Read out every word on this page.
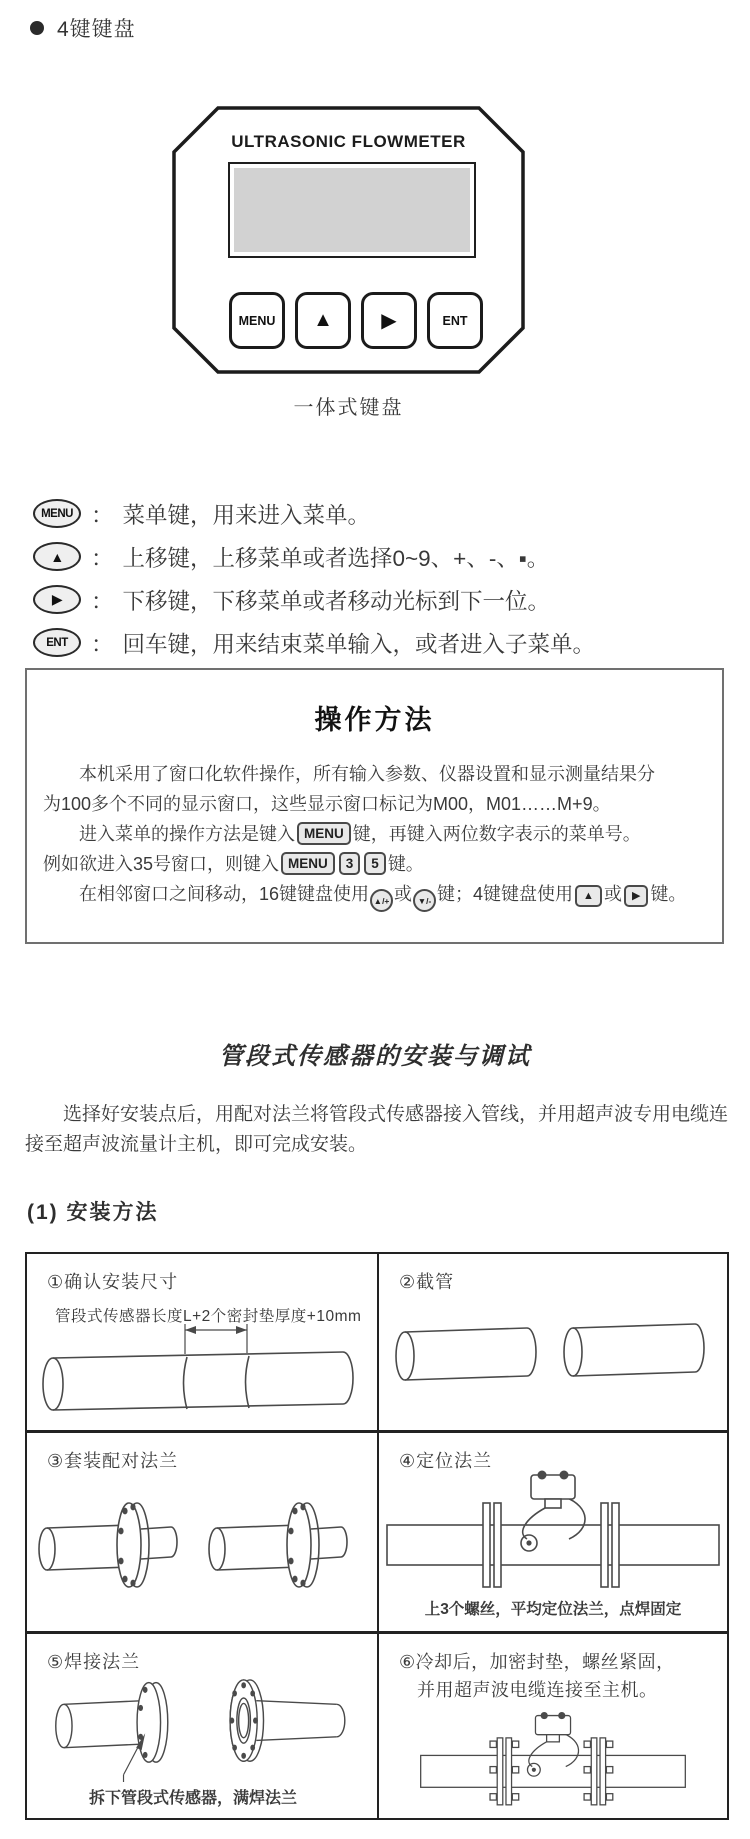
4键键盘
ULTRASONIC FLOWMETER
MENU	▲	▶	ENT
一体式键盘
MENU ： 菜单键，用来进入菜单。
▲	： 上移键，上移菜单或者选择0~9、+、-、▪。
▶	： 下移键，下移菜单或者移动光标到下一位。
ENT	： 回车键，用来结束菜单输入，或者进入子菜单。
操作方法
本机采用了窗口化软件操作，所有输入参数、仪器设置和显示测量结果分
为100多个不同的显示窗口，这些显示窗口标记为M00，M01……M+9。
进入菜单的操作方法是键入 MENU 键，再键入两位数字表示的菜单号。
例如欲进入35号窗口，则键入 MENU 3 5 键。
在相邻窗口之间移动，16键键盘使用 ▲/+ 或 ▼/- 键；4键键盘使用 ▲ 或 ▶ 键。
管段式传感器的安装与调试
选择好安装点后，用配对法兰将管段式传感器接入管线，并用超声波专用电缆连接至超声波流量计主机，即可完成安装。
(1) 安装方法
①确认安装尺寸
管段式传感器长度L+2个密封垫厚度+10mm
②截管
③套装配对法兰	④定位法兰
上3个螺丝，平均定位法兰，点焊固定
⑤焊接法兰
拆下管段式传感器，满焊法兰
⑥冷却后，加密封垫，螺丝紧固，
并用超声波电缆连接至主机。
